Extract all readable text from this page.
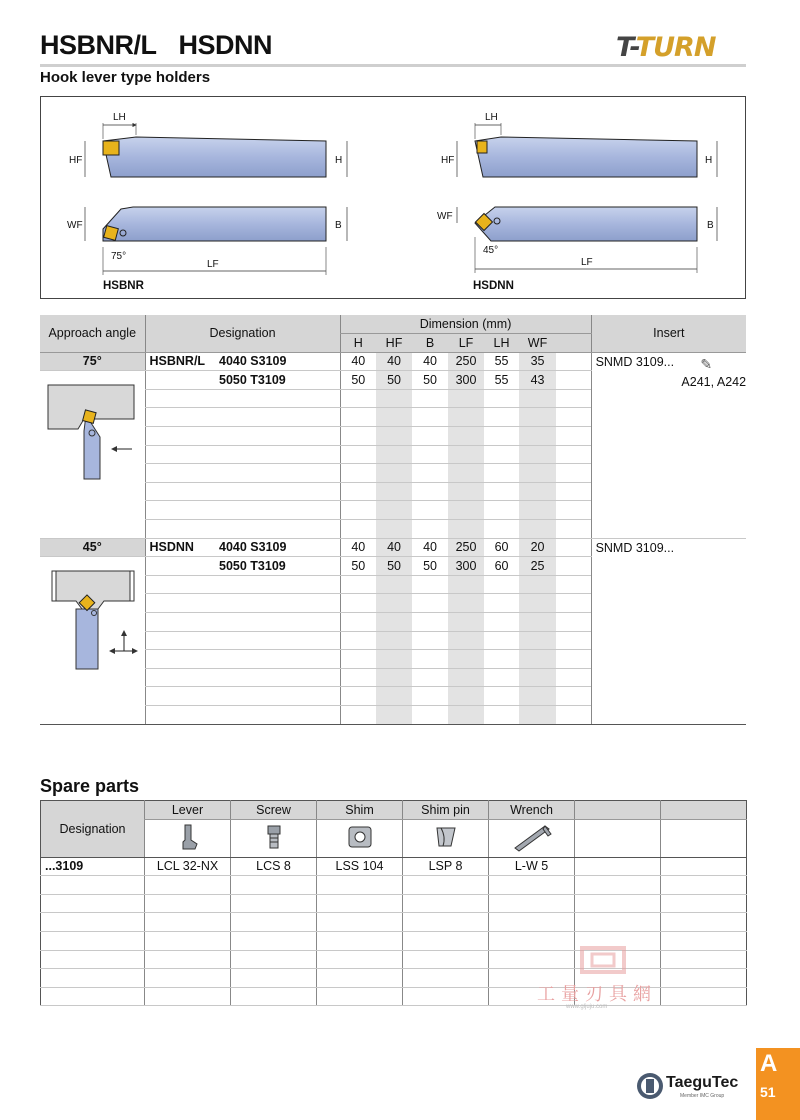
HSBNR/L HSDNN	T-TURN
Hook lever type holders
LH
HF	H
WF	B
75°
LF
HSBNR
LH
HF	H
WF
B
45°
LF
HSDNN
Approach angle	Designation		Dimension (mm)							Insert
			H	HF	B	LF	LH	WF		
75°	HSBNR/L	4040 S3109	40	40	40	250	55	35		SNMD 3109... ✎
A241, A242

		5050 T3109	50	50	50	300	55	43		

45°	HSDNN	4040 S3109	40	40	40	250	60	20		SNMD 3109...

		5050 T3109	50	50	50	300	60	25		

Spare parts
Designation	Lever	Screw	Shim	Shim pin	Wrench		

...3109	LCL 32-NX	LCS 8	LSS 104	LSP 8	L-W 5		

工量刃具網
www.gljuju.com
TaeguTec
Member IMC Group
A
51
